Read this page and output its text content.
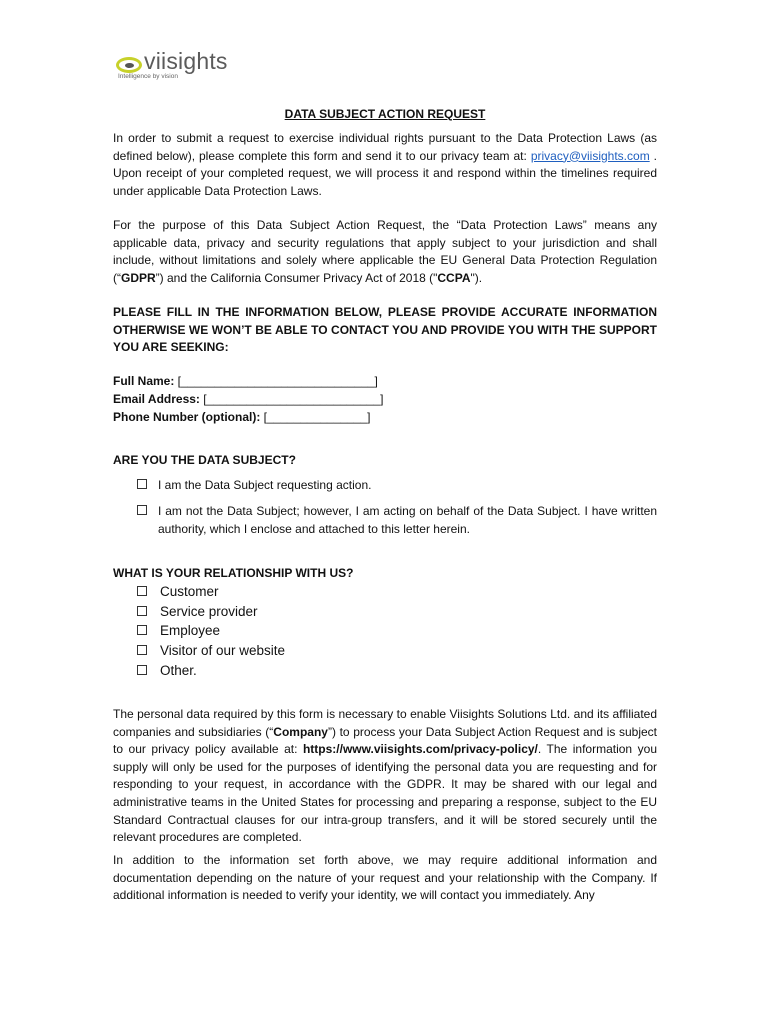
viisights
Intelligence by vision
DATA SUBJECT ACTION REQUEST
In order to submit a request to exercise individual rights pursuant to the Data Protection Laws (as defined below), please complete this form and send it to our privacy team at: privacy@viisights.com . Upon receipt of your completed request, we will process it and respond within the timelines required under applicable Data Protection Laws.
For the purpose of this Data Subject Action Request, the “Data Protection Laws” means any applicable data, privacy and security regulations that apply subject to your jurisdiction and shall include, without limitations and solely where applicable the EU General Data Protection Regulation (“GDPR”) and the California Consumer Privacy Act of 2018 ("CCPA").
PLEASE FILL IN THE INFORMATION BELOW, PLEASE PROVIDE ACCURATE INFORMATION OTHERWISE WE WON’T BE ABLE TO CONTACT YOU AND PROVIDE YOU WITH THE SUPPORT YOU ARE SEEKING:
Full Name: [_____________________________]
Email Address: [__________________________]
Phone Number (optional): [_______________]
ARE YOU THE DATA SUBJECT?
I am the Data Subject requesting action.
I am not the Data Subject; however, I am acting on behalf of the Data Subject. I have written authority, which I enclose and attached to this letter herein.
WHAT IS YOUR RELATIONSHIP WITH US?
Customer
Service provider
Employee
Visitor of our website
Other.
The personal data required by this form is necessary to enable Viisights Solutions Ltd. and its affiliated companies and subsidiaries (“Company”) to process your Data Subject Action Request and is subject to our privacy policy available at: https://www.viisights.com/privacy-policy/. The information you supply will only be used for the purposes of identifying the personal data you are requesting and for responding to your request, in accordance with the GDPR. It may be shared with our legal and administrative teams in the United States for processing and preparing a response, subject to the EU Standard Contractual clauses for our intra-group transfers, and it will be stored securely until the relevant procedures are completed.
In addition to the information set forth above, we may require additional information and documentation depending on the nature of your request and your relationship with the Company. If additional information is needed to verify your identity, we will contact you immediately. Any
